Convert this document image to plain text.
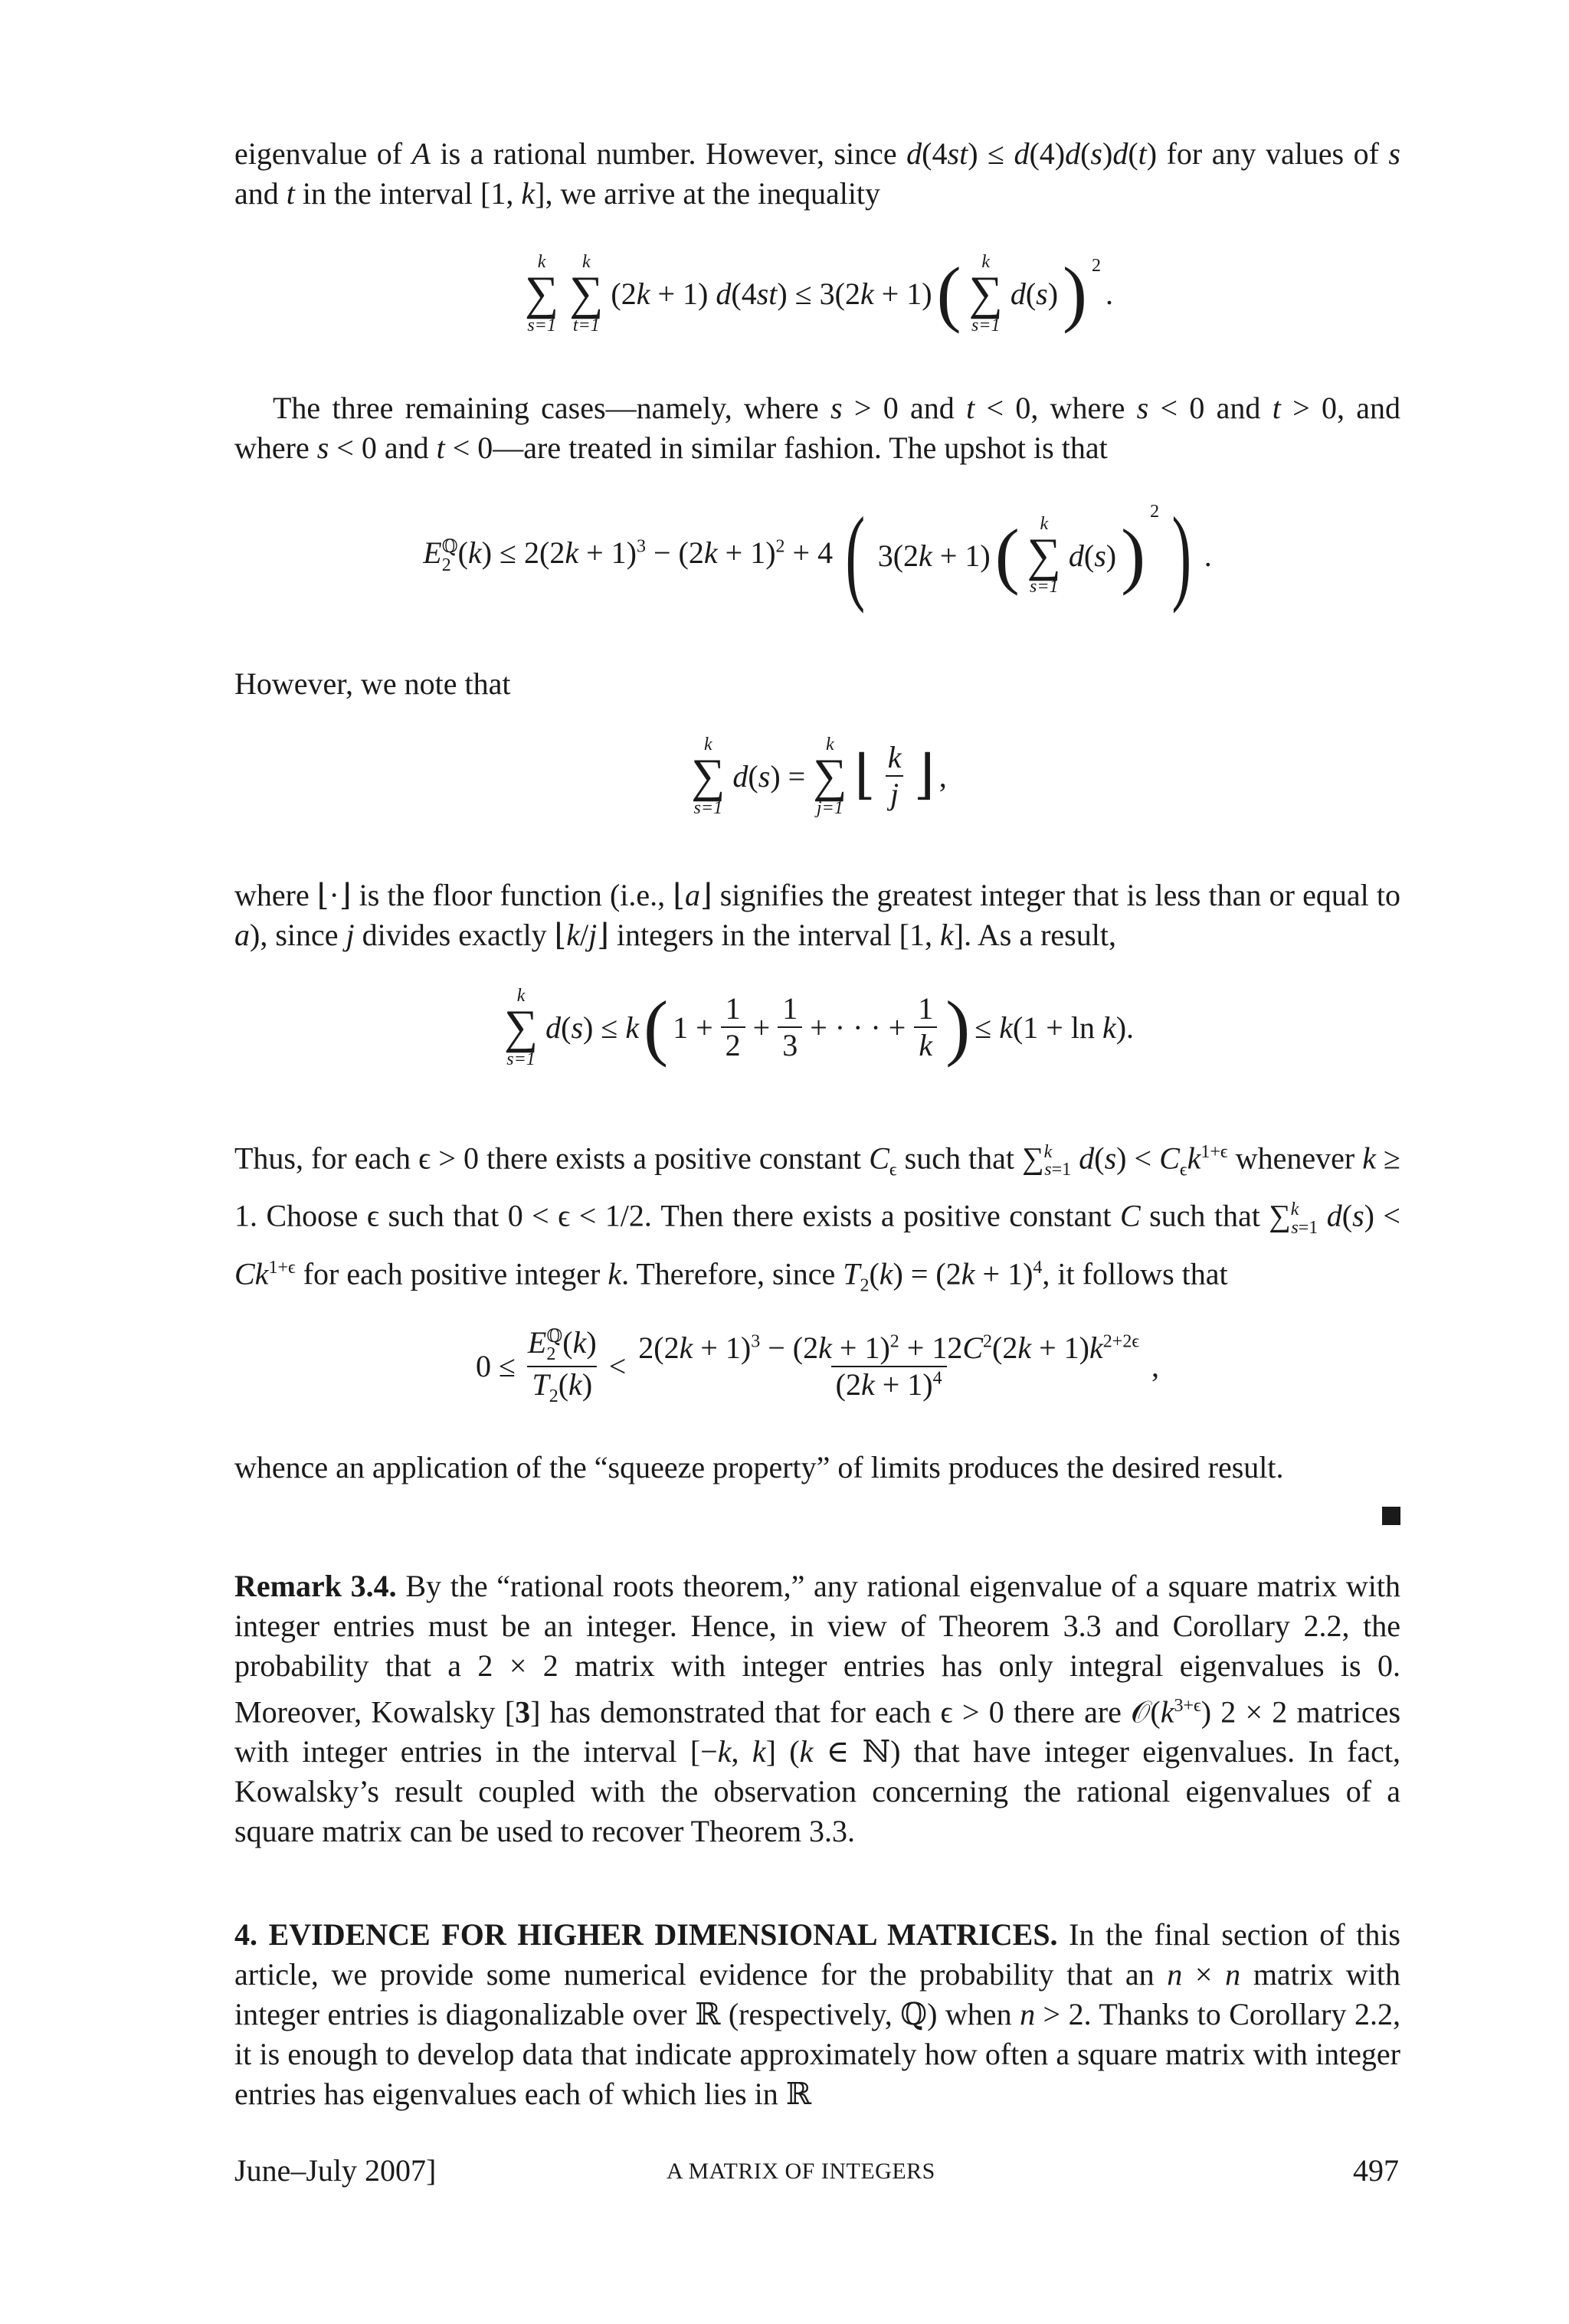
eigenvalue of A is a rational number. However, since d(4st) ≤ d(4)d(s)d(t) for any values of s and t in the interval [1, k], we arrive at the inequality

k
∑
s=1
k
∑
t=1
(2k + 1) d(4st) ≤ 3(2k + 1) ( k
∑
s=1
d(s) ) $^2$
.

The three remaining cases—namely, where s > 0 and t < 0, where s < 0 and t > 0, and where s < 0 and t < 0—are treated in similar fashion. The upshot is that

$E_2^ℚ(k) \le 2(2k + 1)^3 - (2k + 1)^2 + 4$ ( 3(2k + 1) ( k
∑
s=1
d(s) )
$^2$ ) .

However, we note that

k
∑
s=1
d(s) =
k
∑
j=1
⌊ $\frac{k}{j}$ ⌋ ,

where ⌊·⌋ is the floor function (i.e., ⌊a⌋ signifies the greatest integer that is less than or equal to a), since j divides exactly ⌊k/j⌋ integers in the interval [1, k]. As a result,

k
∑
s=1
d(s) ≤ k ( $1 + \frac{1}{2} + \frac{1}{3}$ + · · · + $\frac{1}{k}$ ) ≤ k(1 + ln k).

Thus, for each ϵ > 0 there exists a positive constant $C_\epsilon$ such that ∑$^k_{s=1}$ $d(s) < C_\epsilon k^{1+\epsilon}$ whenever k ≥ 1. Choose ϵ such that 0 < ϵ < 1/2. Then there exists a positive constant C such that ∑$^k_{s=1}$ $d(s) < Ck^{1+\epsilon}$ for each positive integer k. Therefore, since $T_2(k) = (2k + 1)^4$, it follows that

$0 \le \frac{E_2^ℚ(k)}{T_2(k)} < \frac{2(2k + 1)^3 - (2k + 1)^2 + 12C^2(2k + 1)k^{2+2\epsilon}}{(2k + 1)^4}$ ,

whence an application of the “squeeze property” of limits produces the desired result.

Remark 3.4. By the “rational roots theorem,” any rational eigenvalue of a square matrix with integer entries must be an integer. Hence, in view of Theorem 3.3 and Corollary 2.2, the probability that a 2 × 2 matrix with integer entries has only integral eigenvalues is 0. Moreover, Kowalsky [3] has demonstrated that for each ϵ > 0 there are $𝒪(k^{3+\epsilon}) 2 \times 2$ matrices with integer entries in the interval [−k, k] (k ∈ ℕ) that have integer eigenvalues. In fact, Kowalsky’s result coupled with the observation concerning the rational eigenvalues of a square matrix can be used to recover Theorem 3.3.

4. EVIDENCE FOR HIGHER DIMENSIONAL MATRICES. In the final section of this article, we provide some numerical evidence for the probability that an n × n matrix with integer entries is diagonalizable over ℝ (respectively, ℚ) when n > 2. Thanks to Corollary 2.2, it is enough to develop data that indicate approximately how often a square matrix with integer entries has eigenvalues each of which lies in ℝ

June–July 2007]	A MATRIX OF INTEGERS	497
